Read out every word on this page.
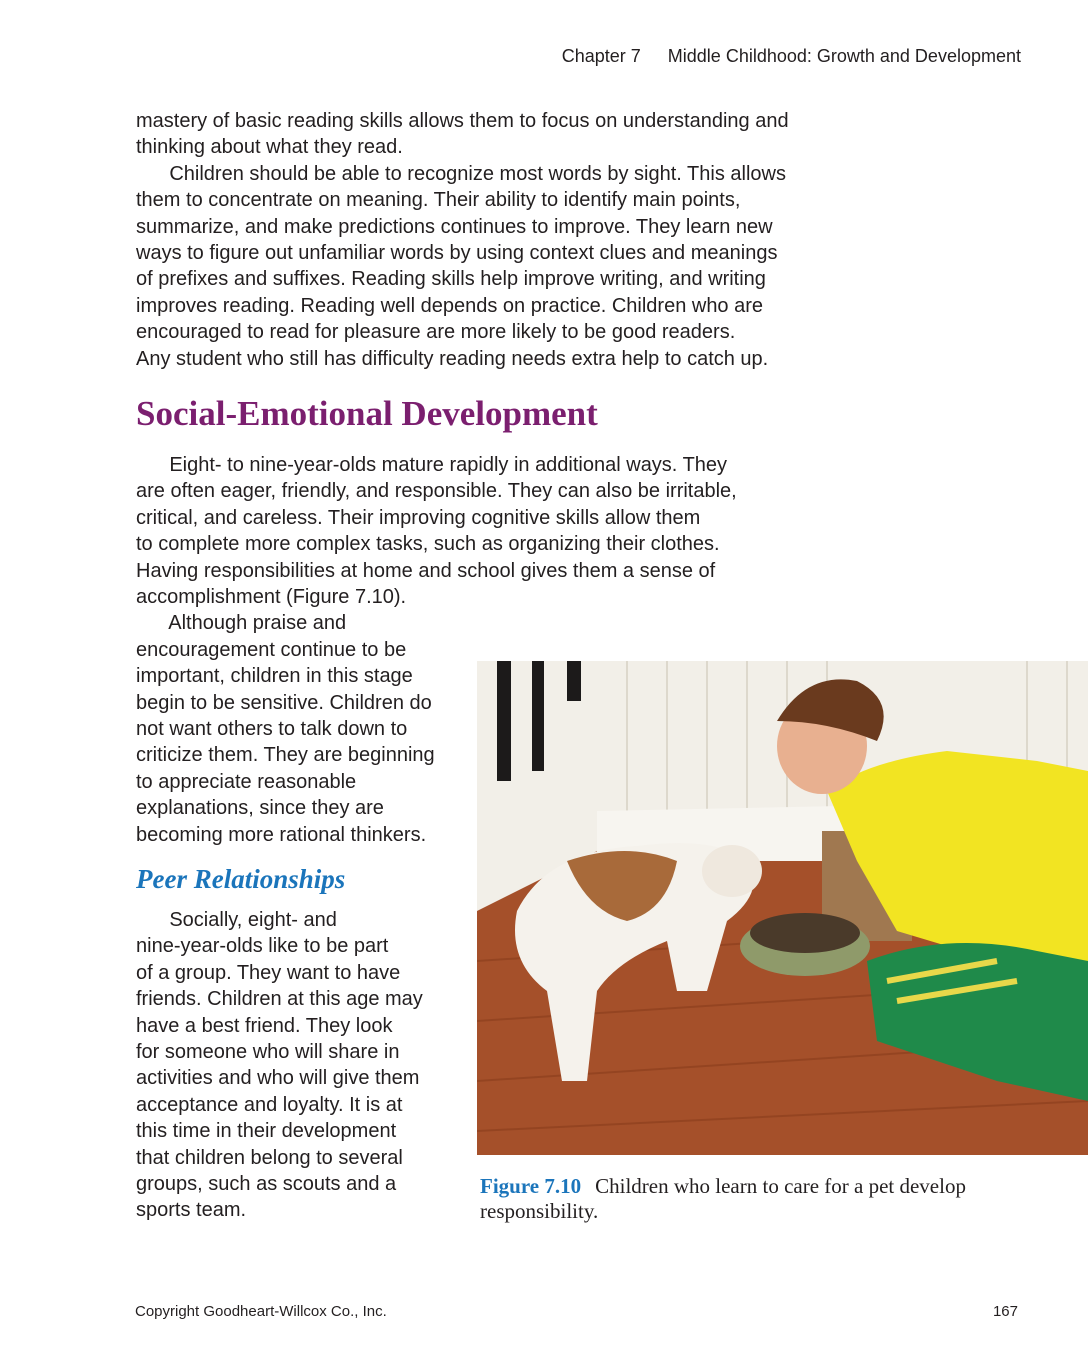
Chapter 7 Middle Childhood: Growth and Development
mastery of basic reading skills allows them to focus on understanding and
thinking about what they read.
Children should be able to recognize most words by sight. This allows
them to concentrate on meaning. Their ability to identify main points,
summarize, and make predictions continues to improve. They learn new
ways to figure out unfamiliar words by using context clues and meanings
of prefixes and suffixes. Reading skills help improve writing, and writing
improves reading. Reading well depends on practice. Children who are
encouraged to read for pleasure are more likely to be good readers.
Any student who still has difficulty reading needs extra help to catch up.
Social-Emotional Development
Eight- to nine-year-olds mature rapidly in additional ways. They
are often eager, friendly, and responsible. They can also be irritable,
critical, and careless. Their improving cognitive skills allow them
to complete more complex tasks, such as organizing their clothes.
Having responsibilities at home and school gives them a sense of
accomplishment (Figure 7.10).
Although praise and
encouragement continue to be
important, children in this stage
begin to be sensitive. Children do
not want others to talk down to
criticize them. They are beginning
to appreciate reasonable
explanations, since they are
becoming more rational thinkers.
Peer Relationships
Socially, eight- and
nine-year-olds like to be part
of a group. They want to have
friends. Children at this age may
have a best friend. They look
for someone who will share in
activities and who will give them
acceptance and loyalty. It is at
this time in their development
that children belong to several
groups, such as scouts and a
sports team.
Figure 7.10 Children who learn to care for a pet develop responsibility.
Copyright Goodheart-Willcox Co., Inc.	167
